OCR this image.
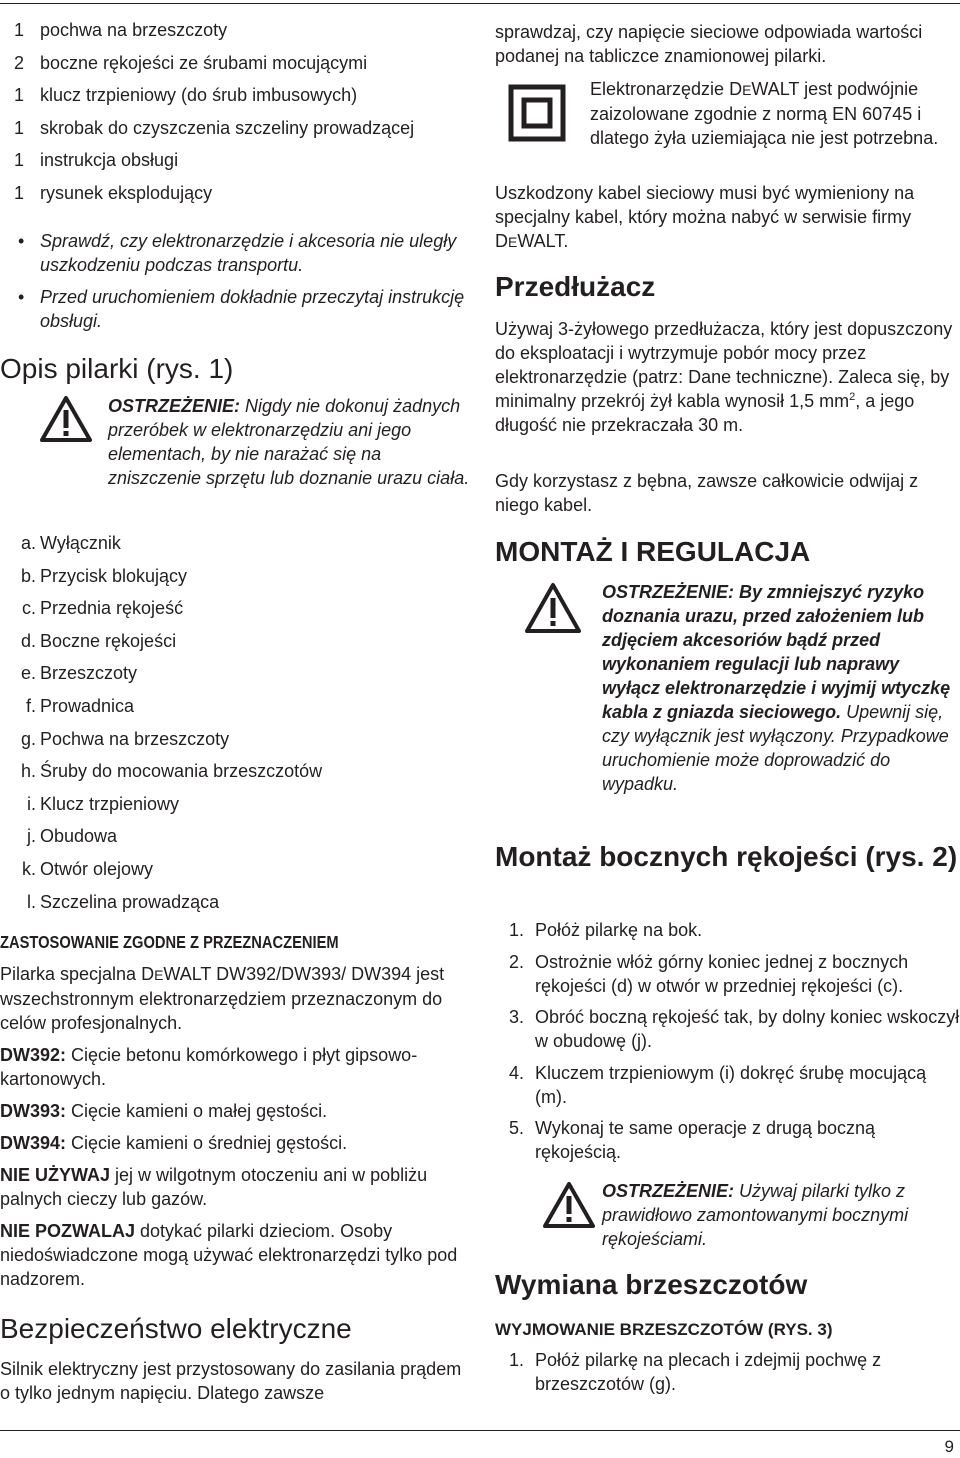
1 pochwa na brzeszczoty
2 boczne rękojeści ze śrubami mocującymi
1 klucz trzpieniowy (do śrub imbusowych)
1 skrobak do czyszczenia szczeliny prowadzącej
1 instrukcja obsługi
1 rysunek eksplodujący
• Sprawdź, czy elektronarzędzie i akcesoria nie uległy uszkodzeniu podczas transportu.
• Przed uruchomieniem dokładnie przeczytaj instrukcję obsługi.
Opis pilarki (rys. 1)
OSTRZEŻENIE: Nigdy nie dokonuj żadnych przeróbek w elektronarzędziu ani jego elementach, by nie narażać się na zniszczenie sprzętu lub doznanie urazu ciała.
a. Wyłącznik
b. Przycisk blokujący
c. Przednia rękojeść
d. Boczne rękojeści
e. Brzeszczoty
f. Prowadnica
g. Pochwa na brzeszczoty
h. Śruby do mocowania brzeszczotów
i. Klucz trzpieniowy
j. Obudowa
k. Otwór olejowy
l. Szczelina prowadząca
ZASTOSOWANIE ZGODNE Z PRZEZNACZENIEM

Pilarka specjalna DEWALT DW392/DW393/ DW394 jest wszechstronnym elektronarzędziem przeznaczonym do celów profesjonalnych.

DW392: Cięcie betonu komórkowego i płyt gipsowo-kartonowych.

DW393: Cięcie kamieni o małej gęstości.

DW394: Cięcie kamieni o średniej gęstości.

NIE UŻYWAJ jej w wilgotnym otoczeniu ani w pobliżu palnych cieczy lub gazów.

NIE POZWALAJ dotykać pilarki dzieciom. Osoby niedoświadczone mogą używać elektronarzędzi tylko pod nadzorem.

Bezpieczeństwo elektryczne

Silnik elektryczny jest przystosowany do zasilania prądem o tylko jednym napięciu. Dlatego zawsze

sprawdzaj, czy napięcie sieciowe odpowiada wartości podanej na tabliczce znamionowej pilarki.

Elektronarzędzie DEWALT jest podwójnie zaizolowane zgodnie z normą EN 60745 i dlatego żyła uziemiająca nie jest potrzebna.

Uszkodzony kabel sieciowy musi być wymieniony na specjalny kabel, który można nabyć w serwisie firmy DEWALT.

Przedłużacz

Używaj 3-żyłowego przedłużacza, który jest dopuszczony do eksploatacji i wytrzymuje pobór mocy przez elektronarzędzie (patrz: Dane techniczne). Zaleca się, by minimalny przekrój żył kabla wynosił 1,5 $mm^2$, a jego długość nie przekraczała 30 m.

Gdy korzystasz z bębna, zawsze całkowicie odwijaj z niego kabel.

MONTAŻ I REGULACJA
OSTRZEŻENIE: By zmniejszyć ryzyko doznania urazu, przed założeniem lub zdjęciem akcesoriów bądź przed wykonaniem regulacji lub naprawy wyłącz elektronarzędzie i wyjmij wtyczkę kabla z gniazda sieciowego. Upewnij się, czy wyłącznik jest wyłączony. Przypadkowe uruchomienie może doprowadzić do wypadku.
Montaż bocznych rękojeści (rys. 2)
1. Połóż pilarkę na bok.
2. Ostrożnie włóż górny koniec jednej z bocznych rękojeści (d) w otwór w przedniej rękojeści (c).
3. Obróć boczną rękojeść tak, by dolny koniec wskoczył w obudowę (j).
4. Kluczem trzpieniowym (i) dokręć śrubę mocującą (m).
5. Wykonaj te same operacje z drugą boczną rękojeścią.
OSTRZEŻENIE: Używaj pilarki tylko z prawidłowo zamontowanymi bocznymi rękojeściami.
Wymiana brzeszczotów
WYJMOWANIE BRZESZCZOTÓW (RYS. 3)
1. Połóż pilarkę na plecach i zdejmij pochwę z brzeszczotów (g).
9
